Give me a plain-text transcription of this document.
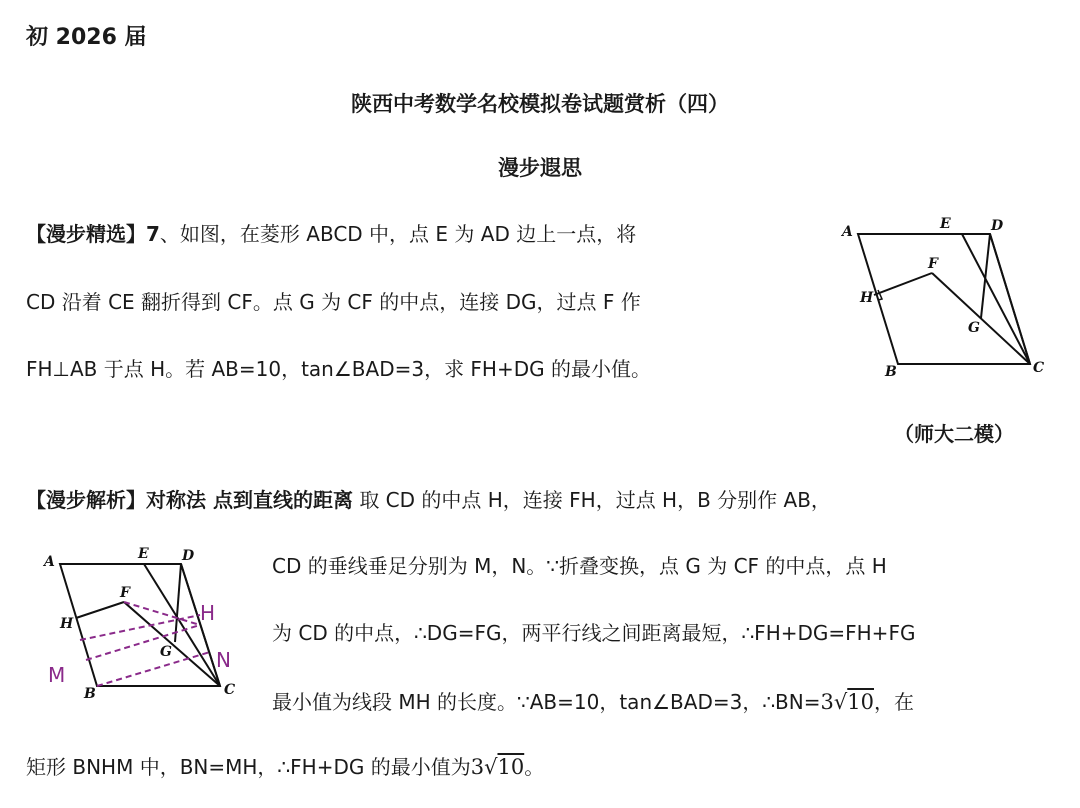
初 2026 届
陕西中考数学名校模拟卷试题赏析（四）
漫步遐思
【漫步精选】7、如图，在菱形 ABCD 中，点 E 为 AD 边上一点，将
CD 沿着 CE 翻折得到 CF。点 G 为 CF 的中点，连接 DG，过点 F 作
FH⊥AB 于点 H。若 AB=10，tan∠BAD=3，求 FH+DG 的最小值。
（师大二模）
A	E	D
F
H
G
B	C
【漫步解析】对称法 点到直线的距离 取 CD 的中点 H，连接 FH，过点 H，B 分别作 AB，
CD 的垂线垂足分别为 M，N。∵折叠变换，点 G 为 CF 的中点，点 H
为 CD 的中点，∴DG=FG，两平行线之间距离最短，∴FH+DG=FH+FG
最小值为线段 MH 的长度。∵AB=10，tan∠BAD=3，∴BN=3√10，在
矩形 BNHM 中，BN=MH，∴FH+DG 的最小值为3√10。
A	E D
F
H
G
B	C
H
M
N
